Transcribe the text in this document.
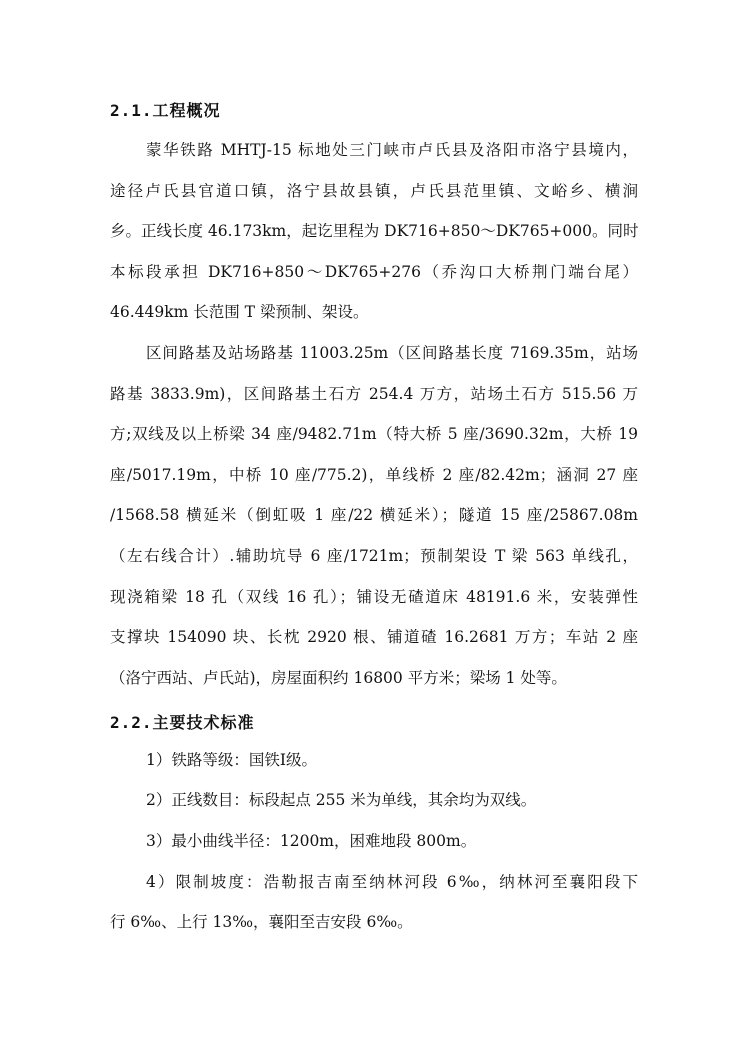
2.1.工程概况
蒙华铁路 MHTJ-15 标地处三门峡市卢氏县及洛阳市洛宁县境内，
途径卢氏县官道口镇，洛宁县故县镇，卢氏县范里镇、文峪乡、横涧
乡。正线长度 46.173km，起讫里程为 DK716+850～DK765+000。同时
本标段承担 DK716+850～DK765+276（乔沟口大桥荆门端台尾）
46.449km 长范围 T 梁预制、架设。
区间路基及站场路基 11003.25m（区间路基长度 7169.35m，站场
路基 3833.9m)，区间路基土石方 254.4 万方，站场土石方 515.56 万
方;双线及以上桥梁 34 座/9482.71m（特大桥 5 座/3690.32m，大桥 19
座/5017.19m，中桥 10 座/775.2)，单线桥 2 座/82.42m；涵洞 27 座
/1568.58 横延米（倒虹吸 1 座/22 横延米）；隧道 15 座/25867.08m
（左右线合计）.辅助坑导 6 座/1721m；预制架设 T 梁 563 单线孔，
现浇箱梁 18 孔（双线 16 孔）；铺设无碴道床 48191.6 米，安装弹性
支撑块 154090 块、长枕 2920 根、铺道碴 16.2681 万方；车站 2 座
（洛宁西站、卢氏站)，房屋面积约 16800 平方米；梁场 1 处等。
2.2.主要技术标准
1）铁路等级：国铁Ⅰ级。
2）正线数目：标段起点 255 米为单线，其余均为双线。
3）最小曲线半径：1200m，困难地段 800m。
4）限制坡度：浩勒报吉南至纳林河段 6‰，纳林河至襄阳段下
行 6‰、上行 13‰，襄阳至吉安段 6‰。
